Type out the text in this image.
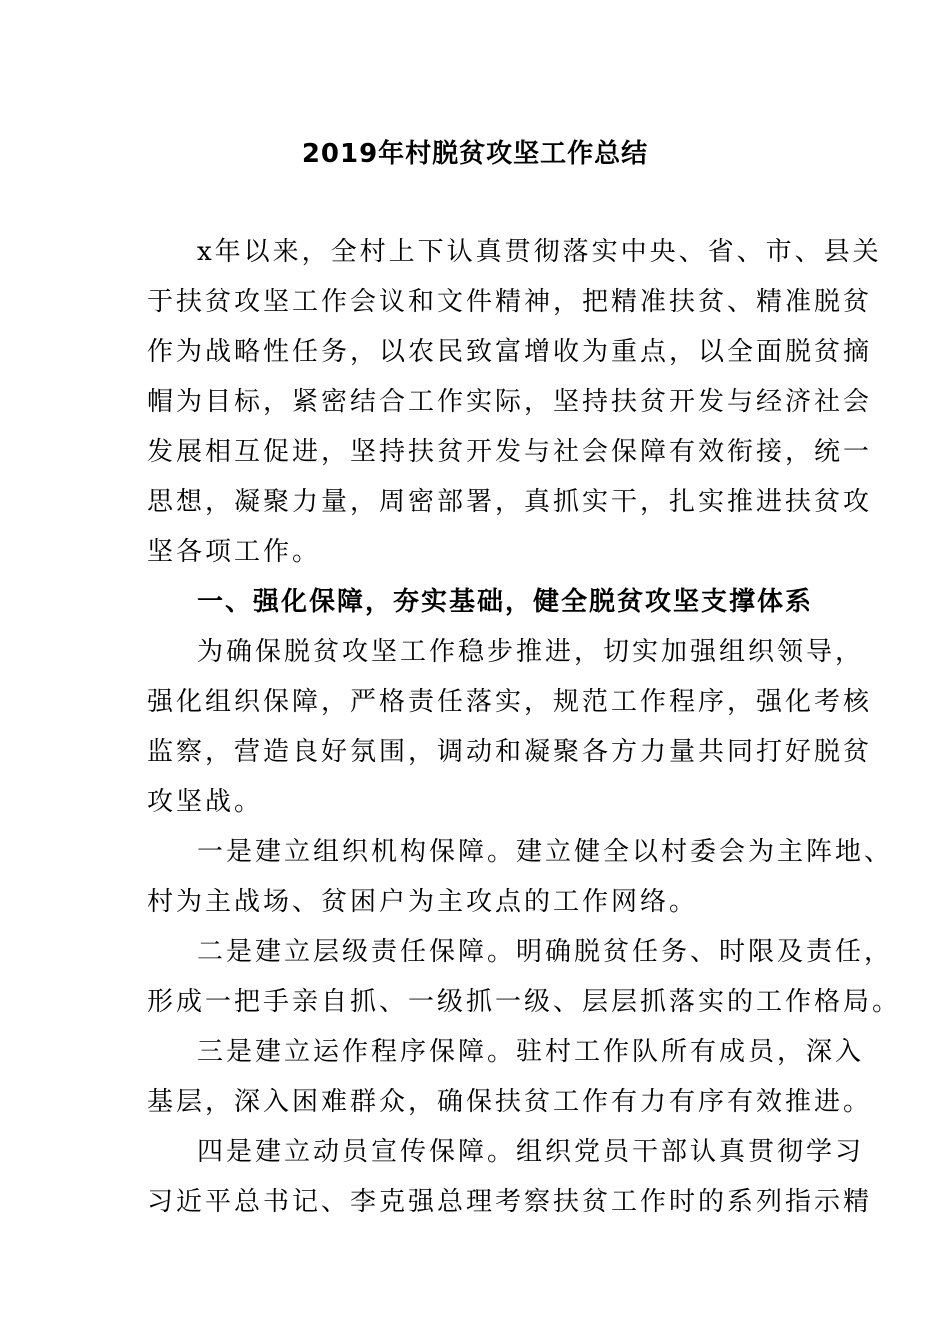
2019年村脱贫攻坚工作总结
x年以来，全村上下认真贯彻落实中央、省、市、县关
于扶贫攻坚工作会议和文件精神，把精准扶贫、精准脱贫
作为战略性任务，以农民致富增收为重点，以全面脱贫摘
帽为目标，紧密结合工作实际，坚持扶贫开发与经济社会
发展相互促进，坚持扶贫开发与社会保障有效衔接，统一
思想，凝聚力量，周密部署，真抓实干，扎实推进扶贫攻
坚各项工作。
一、强化保障，夯实基础，健全脱贫攻坚支撑体系
为确保脱贫攻坚工作稳步推进，切实加强组织领导，
强化组织保障，严格责任落实，规范工作程序，强化考核
监察，营造良好氛围，调动和凝聚各方力量共同打好脱贫
攻坚战。
一是建立组织机构保障。建立健全以村委会为主阵地、
村为主战场、贫困户为主攻点的工作网络。
二是建立层级责任保障。明确脱贫任务、时限及责任，
形成一把手亲自抓、一级抓一级、层层抓落实的工作格局。
三是建立运作程序保障。驻村工作队所有成员，深入
基层，深入困难群众，确保扶贫工作有力有序有效推进。
四是建立动员宣传保障。组织党员干部认真贯彻学习
习近平总书记、李克强总理考察扶贫工作时的系列指示精
